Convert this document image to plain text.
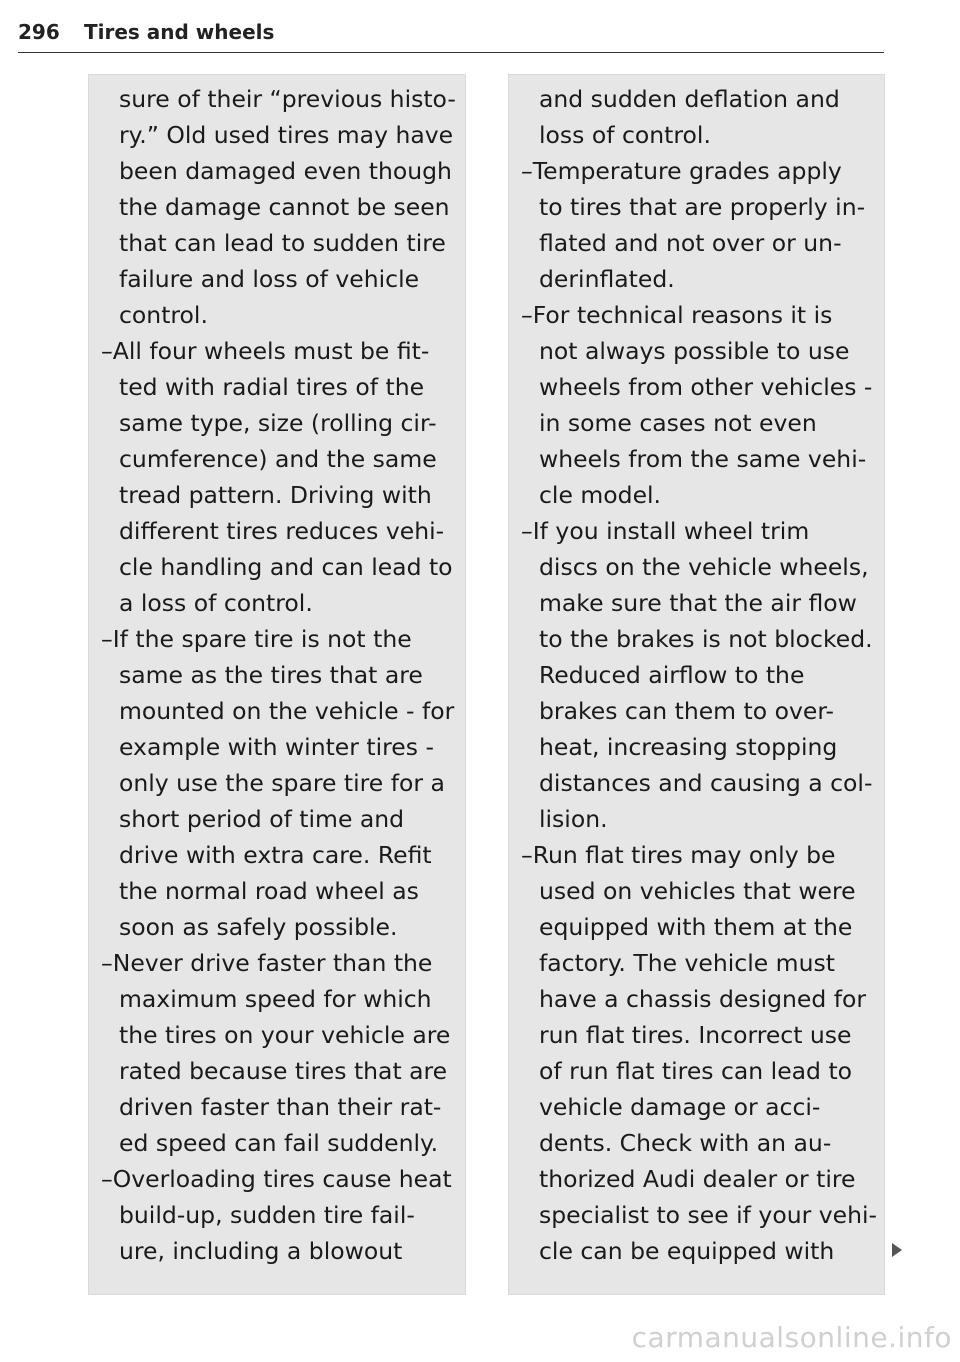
296 Tires and wheels
sure of their “previous histo-
ry.” Old used tires may have
been damaged even though
the damage cannot be seen
that can lead to sudden tire
failure and loss of vehicle
control.
–All four wheels must be fit-
ted with radial tires of the
same type, size (rolling cir-
cumference) and the same
tread pattern. Driving with
different tires reduces vehi-
cle handling and can lead to
a loss of control.
–If the spare tire is not the
same as the tires that are
mounted on the vehicle - for
example with winter tires -
only use the spare tire for a
short period of time and
drive with extra care. Refit
the normal road wheel as
soon as safely possible.
–Never drive faster than the
maximum speed for which
the tires on your vehicle are
rated because tires that are
driven faster than their rat-
ed speed can fail suddenly.
–Overloading tires cause heat
build-up, sudden tire fail-
ure, including a blowout
and sudden deflation and
loss of control.
–Temperature grades apply
to tires that are properly in-
flated and not over or un-
derinflated.
–For technical reasons it is
not always possible to use
wheels from other vehicles -
in some cases not even
wheels from the same vehi-
cle model.
–If you install wheel trim
discs on the vehicle wheels,
make sure that the air flow
to the brakes is not blocked.
Reduced airflow to the
brakes can them to over-
heat, increasing stopping
distances and causing a col-
lision.
–Run flat tires may only be
used on vehicles that were
equipped with them at the
factory. The vehicle must
have a chassis designed for
run flat tires. Incorrect use
of run flat tires can lead to
vehicle damage or acci-
dents. Check with an au-
thorized Audi dealer or tire
specialist to see if your vehi-
cle can be equipped with
carmanualsonline.info
